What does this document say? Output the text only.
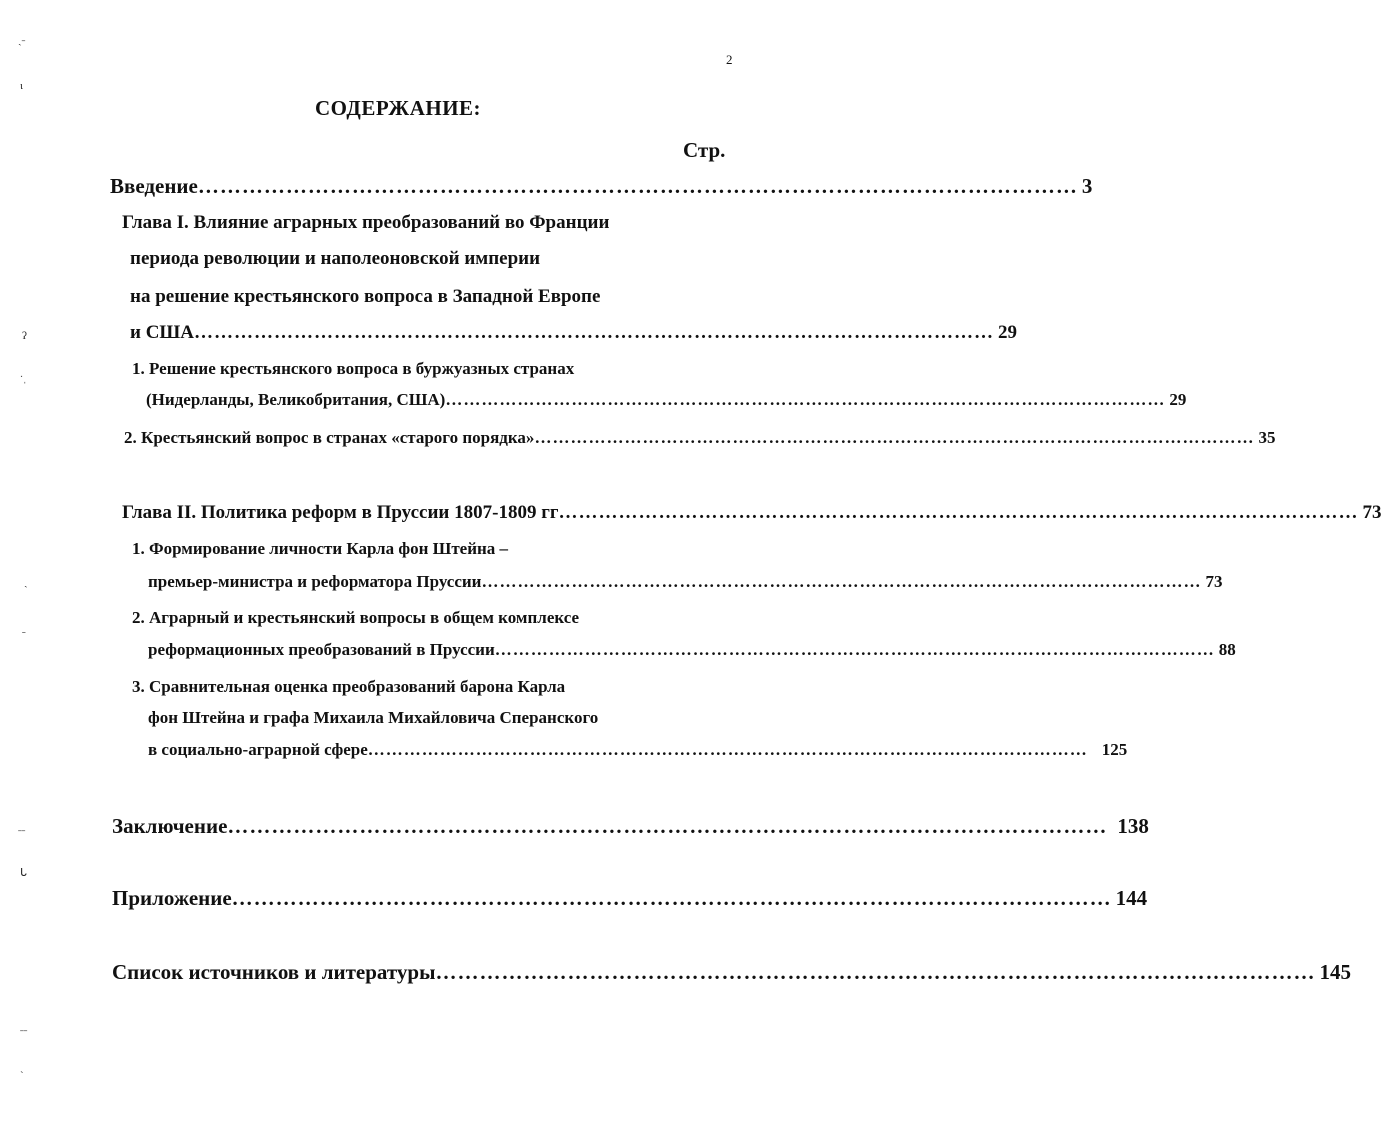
2
СОДЕРЖАНИЕ:
Стр.
Введение ………………………………………………………………………………………………………… 3
Глава I. Влияние аграрных преобразований во Франции
периода революции и наполеоновской империи
на решение крестьянского вопроса в Западной Европе
и США ………………………………………………………………………………………………………… 29
1. Решение крестьянского вопроса в буржуазных странах
(Нидерланды, Великобритания, США) ………………………………………………………………………………………………………… 29
2. Крестьянский вопрос в странах «старого порядка» ………………………………………………………………………………………………………… 35
Глава II. Политика реформ в Пруссии 1807-1809 гг ………………………………………………………………………………………………………… 73
1. Формирование личности Карла фон Штейна –
премьер-министра и реформатора Пруссии ………………………………………………………………………………………………………… 73
2. Аграрный и крестьянский вопросы в общем комплексе
реформационных преобразований в Пруссии ………………………………………………………………………………………………………… 88
3. Сравнительная оценка преобразований барона Карла
фон Штейна и графа Михаила Михайловича Сперанского
в социально-аграрной сфере ………………………………………………………………………………………………………… 125
Заключение ………………………………………………………………………………………………………… 138
Приложение ………………………………………………………………………………………………………… 144
Список источников и литературы ………………………………………………………………………………………………………… 145
ˏ˗
ɩ
ʔ
ˑˌ
ˎ
ˍ
˗˗
ᒐ
˗˗
ˋ
